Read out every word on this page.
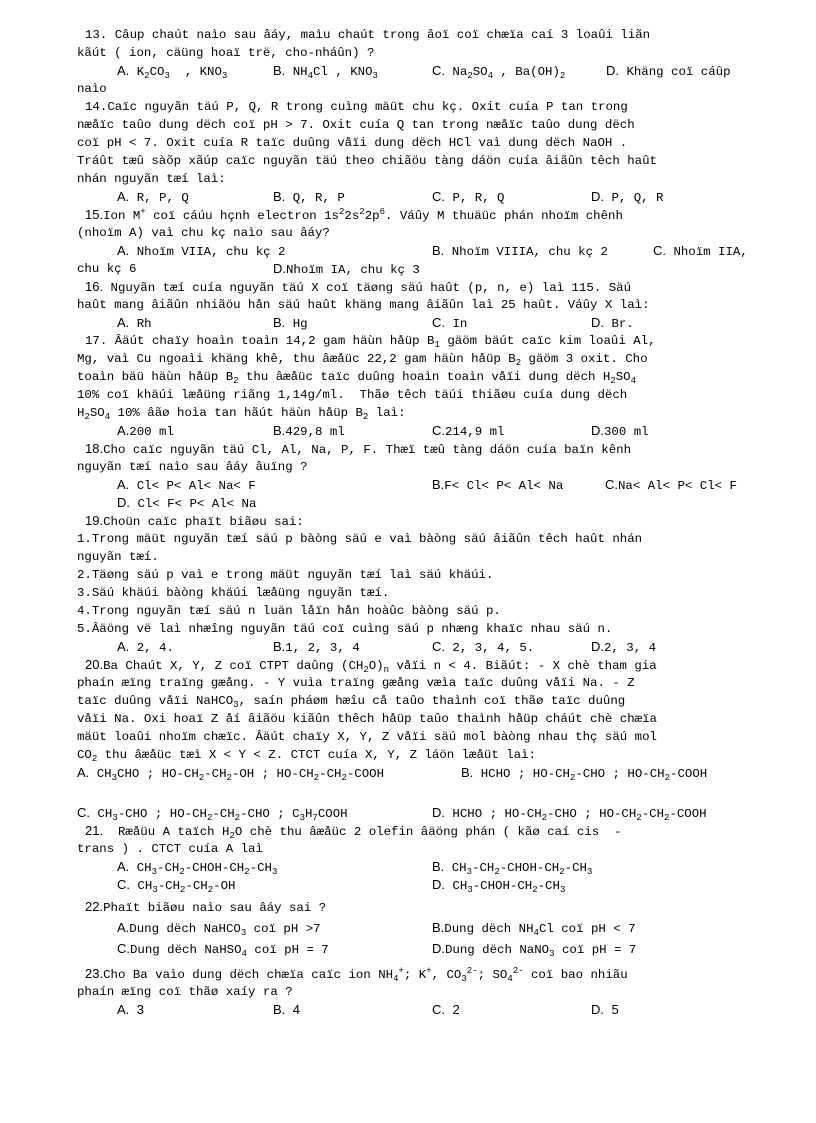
13. Câup chaút naìo sau âáy, maìu chaút trong âoï coï chæïa caí 3 loaûi liãn
kãút ( ion, cäüng hoaï trë, cho-nháûn) ?
A. $K_2CO_3$  , $KNO_3$	B. $NH_4Cl$ , $KNO_3$	C. $Na_2SO_4$ , $Ba(OH)_2$	D. Khäng coï cáûp
naìo
14.Caïc nguyãn täú P, Q, R trong cuìng mäüt chu kç. Oxit cuía P tan trong
næåïc taûo dung dëch coï pH > 7. Oxit cuía Q tan trong næåïc taûo dung dëch
coï pH < 7. Oxit cuía R taïc duûng våïi dung dëch HCl vaì dung dëch NaOH .
Tráût tæû sàõp xãúp caïc nguyãn täú theo chiãöu tàng dáön cuía âiãûn têch haût
nhán nguyãn tæí laì:
A. R, P, Q	B. Q, R, P	C. P, R, Q	D. P, Q, R
15.Ion M+ coï cáúu hçnh electron $1s^22s^22p^6$. Váûy M thuäüc phán nhoïm chênh
(nhoïm A) vaì chu kç naìo sau âáy?
A. Nhoïm VIIA, chu kç 2	B. Nhoïm VIIIA, chu kç 2	C. Nhoïm IIA,
chu kç 6	D.Nhoïm IA, chu kç 3
16. Nguyãn tæí cuía nguyãn täú X coï täøng säú haût (p, n, e) laì 115. Säú
haût mang âiãûn nhiãöu hån säú haût khäng mang âiãûn laì 25 haût. Váûy X laì:
A. Rh	B. Hg	C. In	D. Br.
17. Âäút chaïy hoaìn toaìn 14,2 gam häùn håüp $B_1$ gäöm bäút caïc kim loaûi Al,
Mg, vaì Cu ngoaìi khäng khê, thu âæåüc 22,2 gam häùn håüp $B_2$ gäöm 3 oxit. Cho
toaìn bäü häùn håüp $B_2$ thu âæåüc taïc duûng hoaìn toaìn våïi dung dëch $H_2SO_4$
10% coï khäúi læåüng riãng 1,14g/ml.  Thãø têch täúi thiãøu cuía dung dëch
$H_2SO_4$ 10% âãø hoìa tan hãút häùn håüp $B_2$ laì:
A.200 ml	B.429,8 ml	C.214,9 ml	D.300 ml
18.Cho caïc nguyãn täú Cl, Al, Na, P, F. Thæï tæû tàng dáön cuía baïn kênh
nguyãn tæí naìo sau âáy âuïng ?
A. Cl< P< Al< Na< F	B.F< Cl< P< Al< Na	C.Na< Al< P< Cl< F
D. Cl< F< P< Al< Na
19.Choün caïc phaït biãøu sai:
1.Trong mäüt nguyãn tæí säú p bàòng säú e vaì bàòng säú âiãûn têch haût nhán
nguyãn tæí.
2.Täøng säú p vaì e trong mäüt nguyãn tæí laì säú khäúi.
3.Säú khäúi bàòng khäúi læåüng nguyãn tæí.
4.Trong nguyãn tæí säú n luän låïn hån hoàûc bàòng säú p.
5.Âäöng vë laì nhæîng nguyãn täú coï cuìng säú p nhæng khaïc nhau säú n.
A. 2, 4.	B.1, 2, 3, 4	C. 2, 3, 4, 5.	D.2, 3, 4
20.Ba Chaút X, Y, Z coï CTPT daûng $(CH_2O)_n$ våïi n < 4. Biãút: - X chè tham gia
phaín æïng traïng gæång. - Y vuìa traïng gæång væìa taïc duûng våïi Na. - Z
taïc duûng våïi NaHCO$_3$, saín pháøm hæîu cå taûo thaình coï thãø taïc duûng
våïi Na. Oxi hoaï Z åí âiãöu kiãûn thêch håüp taûo thaình håüp cháút chè chæïa
mäüt loaûi nhoïm chæïc. Âäút chaïy X, Y, Z våïi säú mol bàòng nhau thç säú mol
$CO_2$ thu âæåüc tæì X < Y < Z. CTCT cuía X, Y, Z láön læåüt laì:
A. $CH_3CHO$ ; $HO-CH_2-CH_2-OH$ ; $HO-CH_2-CH_2$-COOH	B. HCHO ; $HO-CH_2$-CHO ; $HO-CH_2$-COOH
C. $CH_3$-CHO ; $HO-CH_2-CH_2$-CHO ; $C_3H_7COOH$	D. HCHO ; $HO-CH_2$-CHO ; $HO-CH_2-CH_2$-COOH
21.  Ræåüu A taïch $H_2O$ chè thu âæåüc 2 olefin âäöng phán ( kãø caí cis  -
trans ) . CTCT cuía A laì
A. $CH_3-CH_2-CHOH-CH_2-CH_3$	B. $CH_3-CH_2-CHOH-CH_2-CH_3$
C. $CH_3-CH_2-CH_2-OH$	D. $CH_3-CHOH-CH_2-CH_3$
22.Phaït biãøu naìo sau âáy sai ?
A.Dung dëch NaHCO$_3$ coï pH >7	B.Dung dëch $NH_4Cl$ coï pH < 7
C.Dung dëch NaHSO$_4$ coï pH = 7	D.Dung dëch NaNO$_3$ coï pH = 7
23.Cho Ba vaìo dung dëch chæïa caïc ion $NH_4^+$; K+, $CO_3^{2-}$; $SO_4^{2-}$ coï bao nhiãu
phaín æïng coï thãø xaíy ra ?
A. 3	B. 4	C. 2	D. 5
